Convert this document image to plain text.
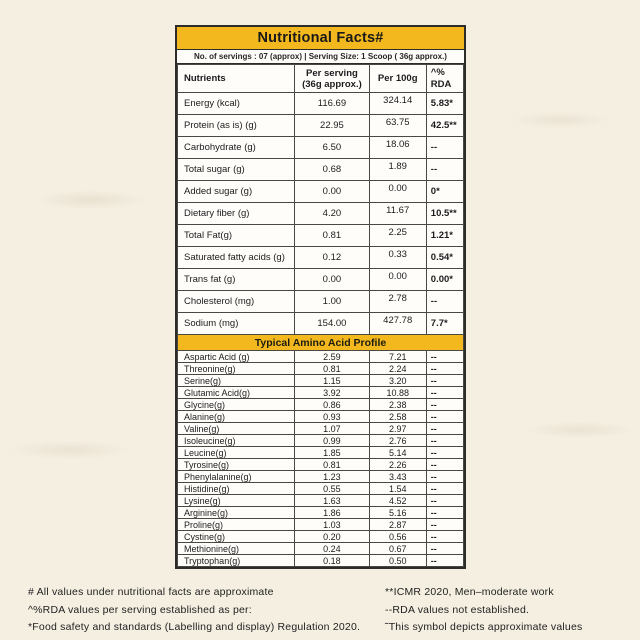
Nutritional Facts#
No. of servings : 07 (approx) | Serving Size: 1 Scoop ( 36g approx.)
Nutrients	Per serving (36g approx.)	Per 100g	^% RDA
Energy (kcal)	116.69	324.14	5.83*
Protein (as is) (g)	22.95	63.75	42.5**
Carbohydrate (g)	6.50	18.06	--
Total sugar (g)	0.68	1.89	--
Added sugar (g)	0.00	0.00	0*
Dietary fiber (g)	4.20	11.67	10.5**
Total Fat(g)	0.81	2.25	1.21*
Saturated fatty acids (g)	0.12	0.33	0.54*
Trans fat (g)	0.00	0.00	0.00*
Cholesterol (mg)	1.00	2.78	--
Sodium (mg)	154.00	427.78	7.7*
Typical Amino Acid Profile			
Aspartic Acid (g)	2.59	7.21	--
Threonine(g)	0.81	2.24	--
Serine(g)	1.15	3.20	--
Glutamic Acid(g)	3.92	10.88	--
Glycine(g)	0.86	2.38	--
Alanine(g)	0.93	2.58	--
Valine(g)	1.07	2.97	--
Isoleucine(g)	0.99	2.76	--
Leucine(g)	1.85	5.14	--
Tyrosine(g)	0.81	2.26	--
Phenylalanine(g)	1.23	3.43	--
Histidine(g)	0.55	1.54	--
Lysine(g)	1.63	4.52	--
Arginine(g)	1.86	5.16	--
Proline(g)	1.03	2.87	--
Cystine(g)	0.20	0.56	--
Methionine(g)	0.24	0.67	--
Tryptophan(g)	0.18	0.50	--
# All values under nutritional facts are approximate
^%RDA values per serving established as per:
*Food safety and standards (Labelling and display) Regulation 2020.
**ICMR 2020, Men–moderate work
--RDA values not established.
˜This symbol depicts approximate values
